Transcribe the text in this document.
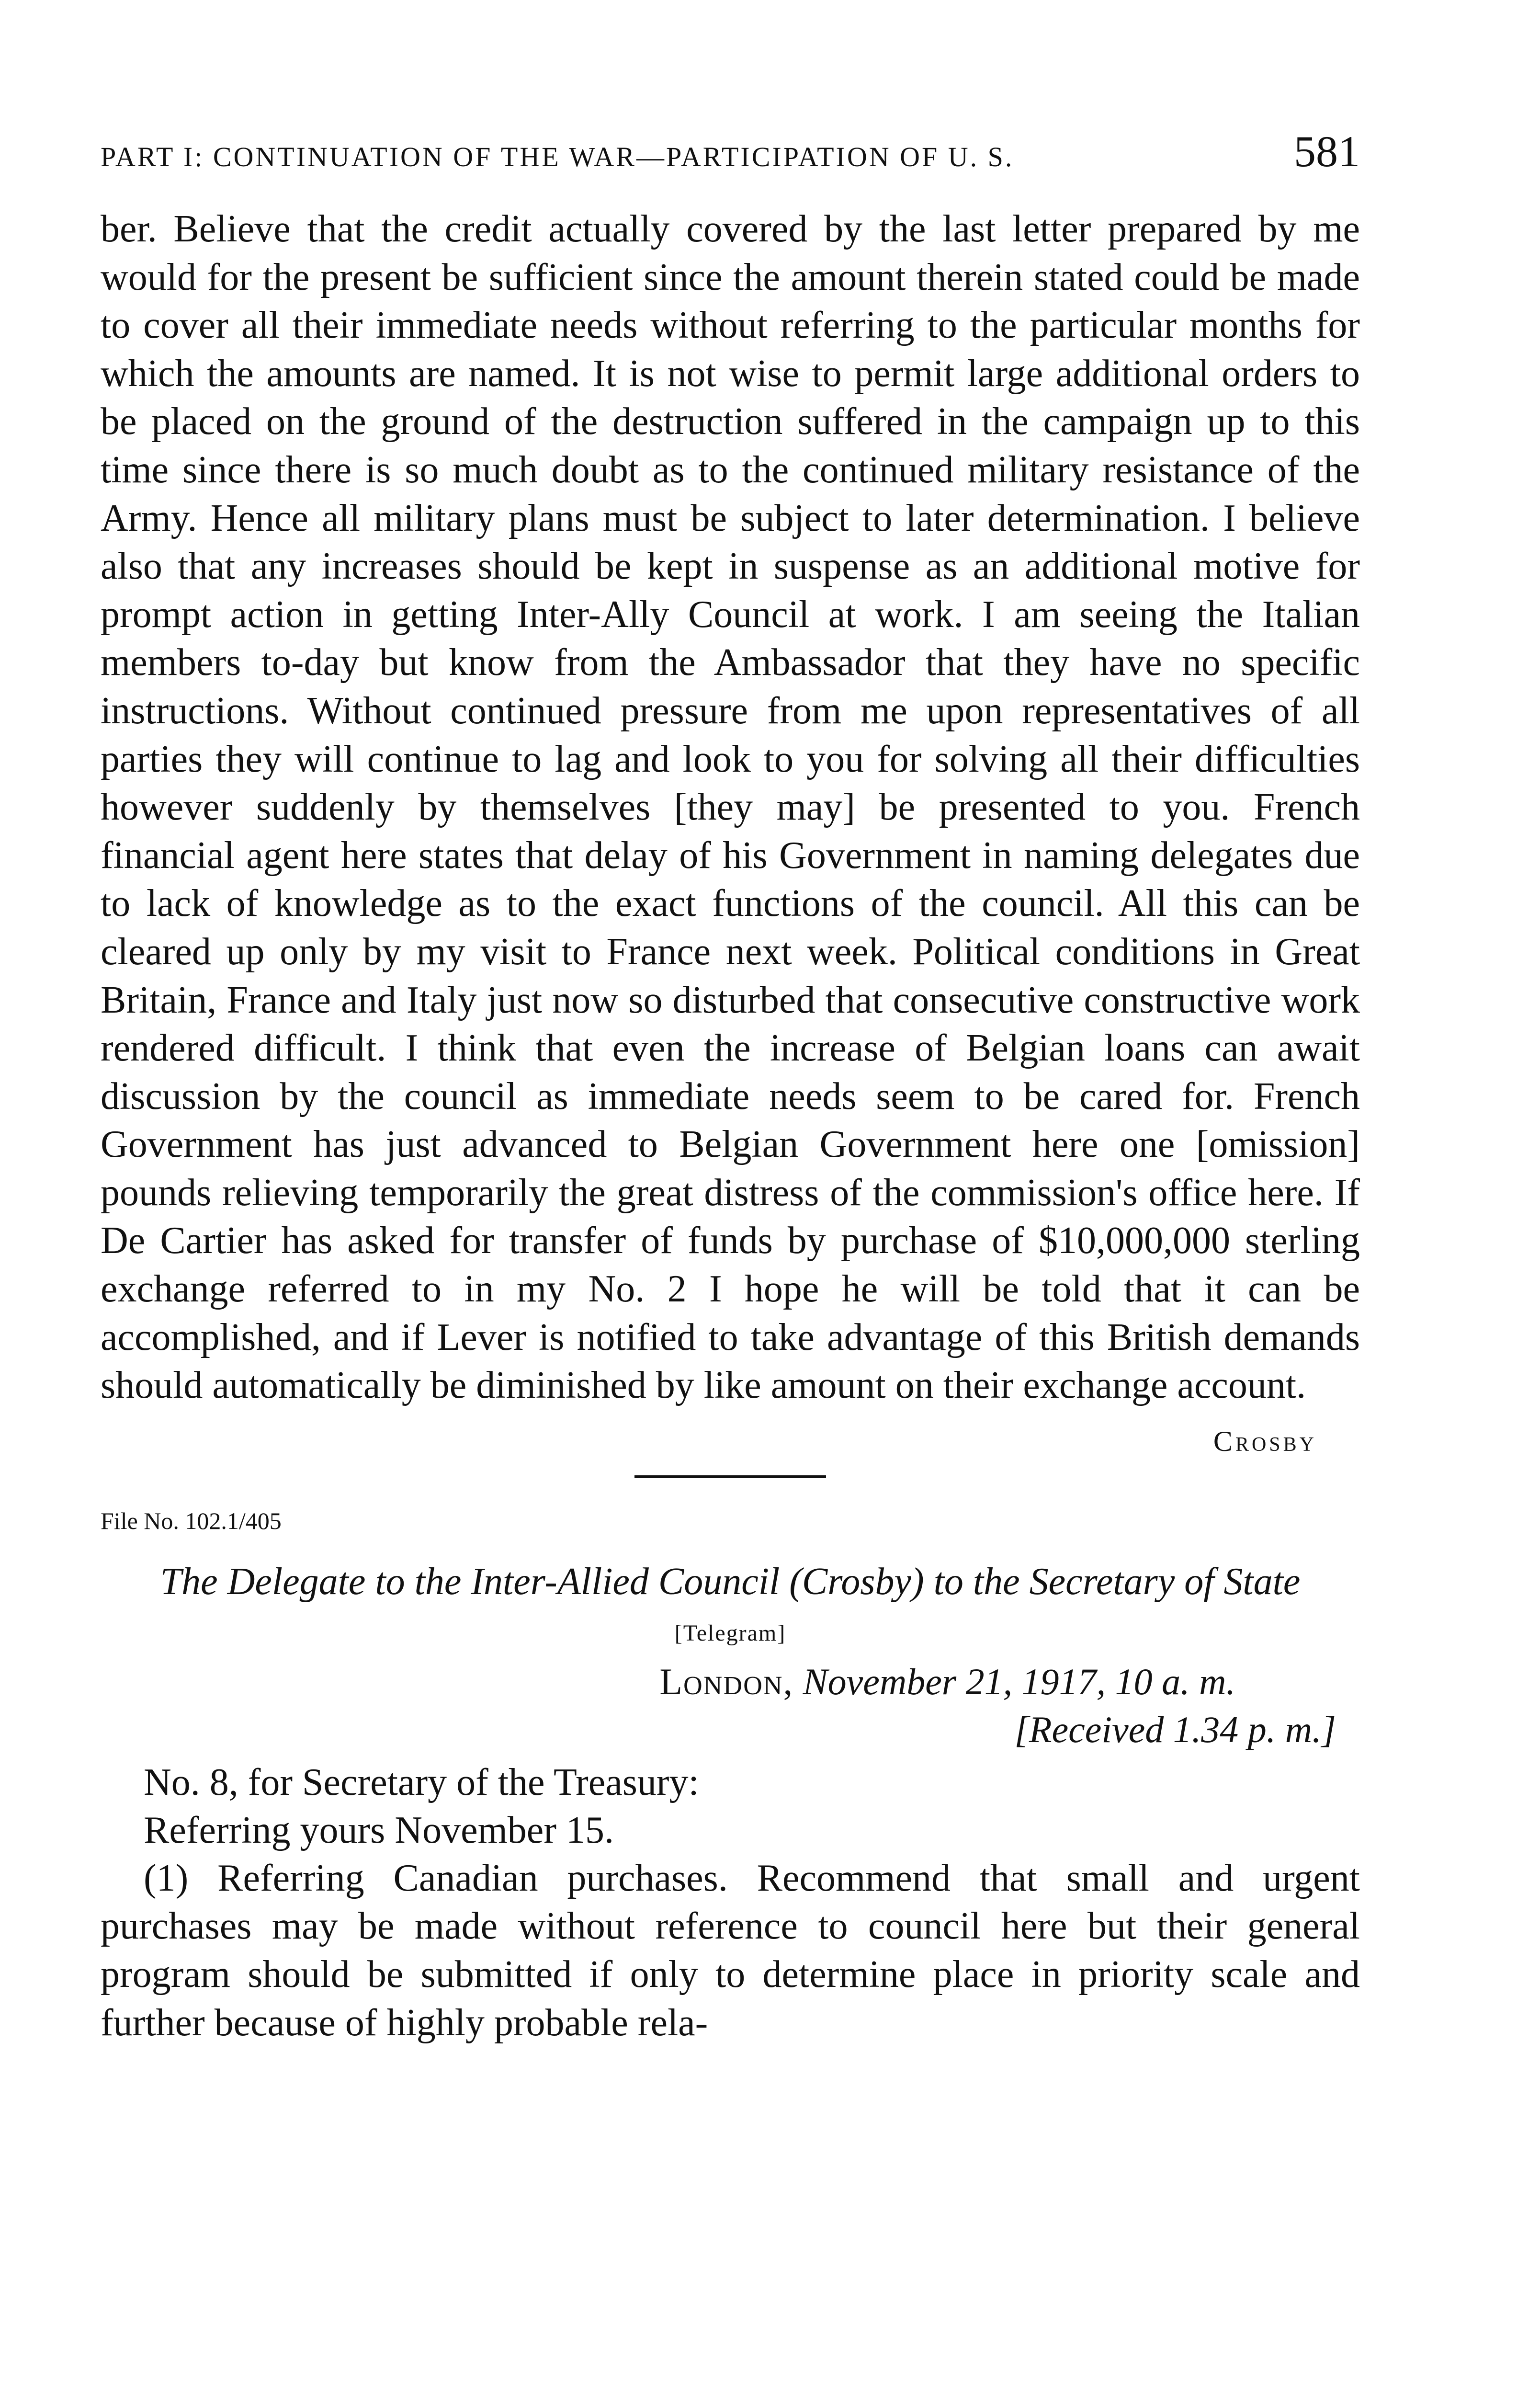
PART I: CONTINUATION OF THE WAR—PARTICIPATION OF U. S.	581

ber. Believe that the credit actually covered by the last letter prepared by me would for the present be sufficient since the amount therein stated could be made to cover all their immediate needs without referring to the particular months for which the amounts are named. It is not wise to permit large additional orders to be placed on the ground of the destruction suffered in the campaign up to this time since there is so much doubt as to the continued military resistance of the Army. Hence all military plans must be subject to later determination. I believe also that any increases should be kept in suspense as an additional motive for prompt action in getting Inter-Ally Council at work. I am seeing the Italian members to-day but know from the Ambassador that they have no specific instructions. Without continued pressure from me upon representatives of all parties they will continue to lag and look to you for solving all their difficulties however suddenly by themselves [they may] be presented to you. French financial agent here states that delay of his Government in naming delegates due to lack of knowledge as to the exact functions of the council. All this can be cleared up only by my visit to France next week. Political conditions in Great Britain, France and Italy just now so disturbed that consecutive constructive work rendered difficult. I think that even the increase of Belgian loans can await discussion by the council as immediate needs seem to be cared for. French Government has just advanced to Belgian Government here one [omission] pounds relieving temporarily the great distress of the commission's office here. If De Cartier has asked for transfer of funds by purchase of $10,000,000 sterling exchange referred to in my No. 2 I hope he will be told that it can be accomplished, and if Lever is notified to take advantage of this British demands should automatically be diminished by like amount on their exchange account.

Crosby
File No. 102.1/405

The Delegate to the Inter-Allied Council (Crosby) to the Secretary of State

[Telegram]
London, November 21, 1917, 10 a. m.
[Received 1.34 p. m.]

No. 8, for Secretary of the Treasury:

Referring yours November 15.

(1) Referring Canadian purchases. Recommend that small and urgent purchases may be made without reference to council here but their general program should be submitted if only to determine place in priority scale and further because of highly probable rela-
